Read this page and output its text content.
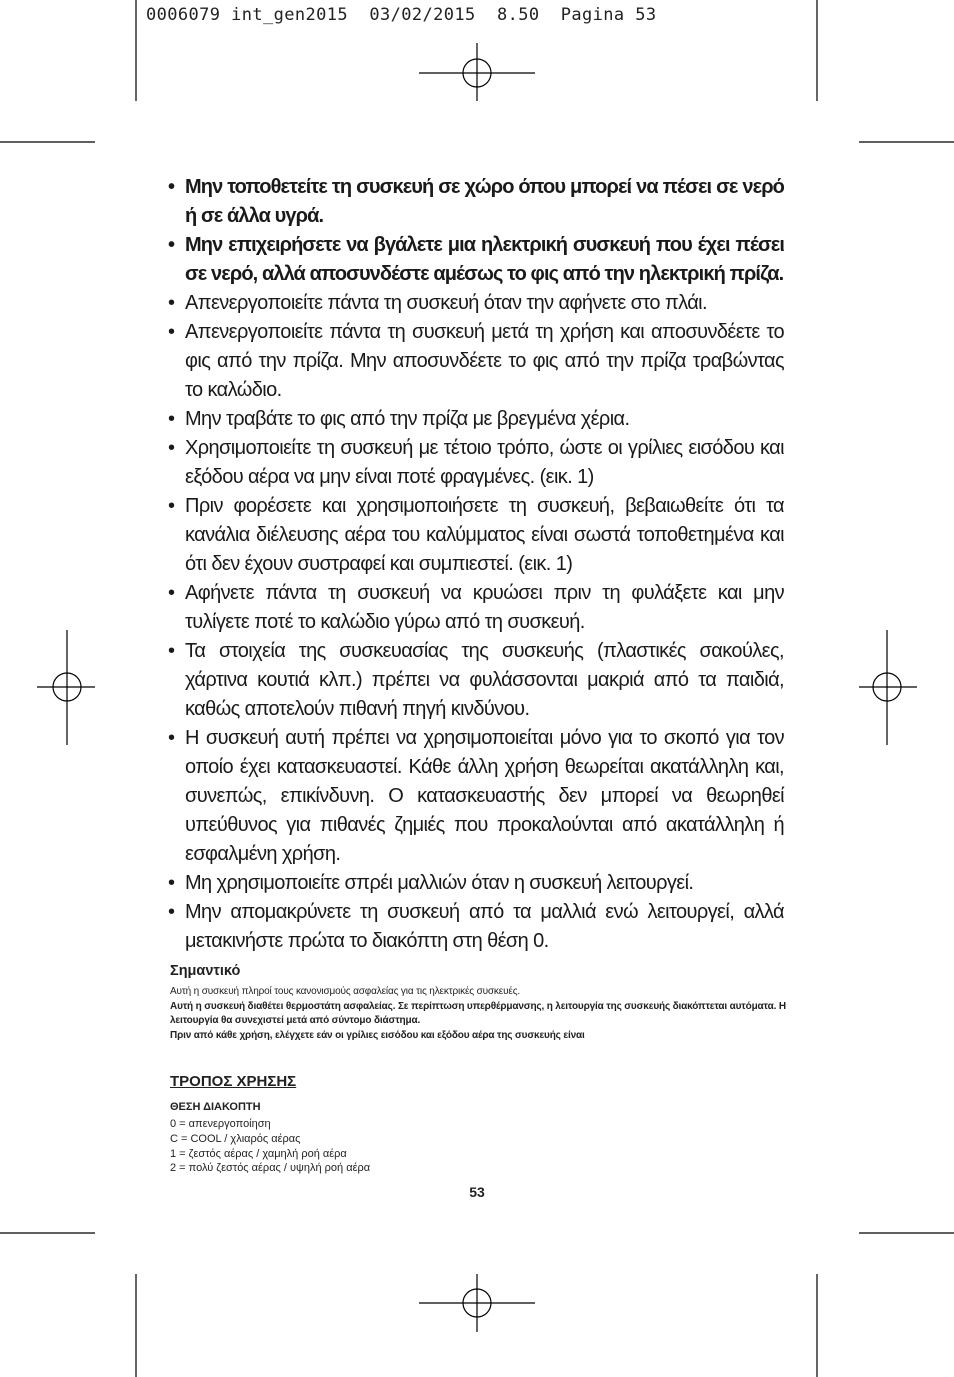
0006079 int_gen2015  03/02/2015  8.50  Pagina 53
• Μην τοποθετείτε τη συσκευή σε χώρο όπου μπορεί να πέσει σε νερό ή σε άλλα υγρά.
• Μην επιχειρήσετε να βγάλετε μια ηλεκτρική συσκευή που έχει πέσει σε νερό, αλλά αποσυνδέστε αμέσως το φις από την ηλεκτρική πρίζα.
• Απενεργοποιείτε πάντα τη συσκευή όταν την αφήνετε στο πλάι.
• Απενεργοποιείτε πάντα τη συσκευή μετά τη χρήση και αποσυνδέετε το φις από την πρίζα. Μην αποσυνδέετε το φις από την πρίζα τραβώντας το καλώδιο.
• Μην τραβάτε το φις από την πρίζα με βρεγμένα χέρια.
• Χρησιμοποιείτε τη συσκευή με τέτοιο τρόπο, ώστε οι γρίλιες εισόδου και εξόδου αέρα να μην είναι ποτέ φραγμένες. (εικ. 1)
• Πριν φορέσετε και χρησιμοποιήσετε τη συσκευή, βεβαιωθείτε ότι τα κανάλια διέλευσης αέρα του καλύμματος είναι σωστά τοποθετημένα και ότι δεν έχουν συστραφεί και συμπιεστεί. (εικ. 1)
• Αφήνετε πάντα τη συσκευή να κρυώσει πριν τη φυλάξετε και μην τυλίγετε ποτέ το καλώδιο γύρω από τη συσκευή.
• Τα στοιχεία της συσκευασίας της συσκευής (πλαστικές σακούλες, χάρτινα κουτιά κλπ.) πρέπει να φυλάσσονται μακριά από τα παιδιά, καθώς αποτελούν πιθανή πηγή κινδύνου.
• Η συσκευή αυτή πρέπει να χρησιμοποιείται μόνο για το σκοπό για τον οποίο έχει κατασκευαστεί. Κάθε άλλη χρήση θεωρείται ακατάλληλη και, συνεπώς, επικίνδυνη. Ο κατασκευαστής δεν μπορεί να θεωρηθεί υπεύθυνος για πιθανές ζημιές που προκαλούνται από ακατάλληλη ή εσφαλμένη χρήση.
• Μη χρησιμοποιείτε σπρέι μαλλιών όταν η συσκευή λειτουργεί.
• Μην απομακρύνετε τη συσκευή από τα μαλλιά ενώ λειτουργεί, αλλά μετακινήστε πρώτα το διακόπτη στη θέση 0.
Σημαντικό
Αυτή η συσκευή πληροί τους κανονισμούς ασφαλείας για τις ηλεκτρικές συσκευές.
Αυτή η συσκευή διαθέτει θερμοστάτη ασφαλείας. Σε περίπτωση υπερθέρμανσης, η λειτουργία της συσκευής διακόπτεται αυτόματα. Η λειτουργία θα συνεχιστεί μετά από σύντομο διάστημα.
Πριν από κάθε χρήση, ελέγχετε εάν οι γρίλιες εισόδου και εξόδου αέρα της συσκευής είναι
ΤΡΟΠΟΣ ΧΡΗΣΗΣ
ΘΕΣΗ ΔΙΑΚΟΠΤΗ
0 = απενεργοποίηση
C = COOL / χλιαρός αέρας
1 = ζεστός αέρας / χαμηλή ροή αέρα
2 = πολύ ζεστός αέρας / υψηλή ροή αέρα
53
